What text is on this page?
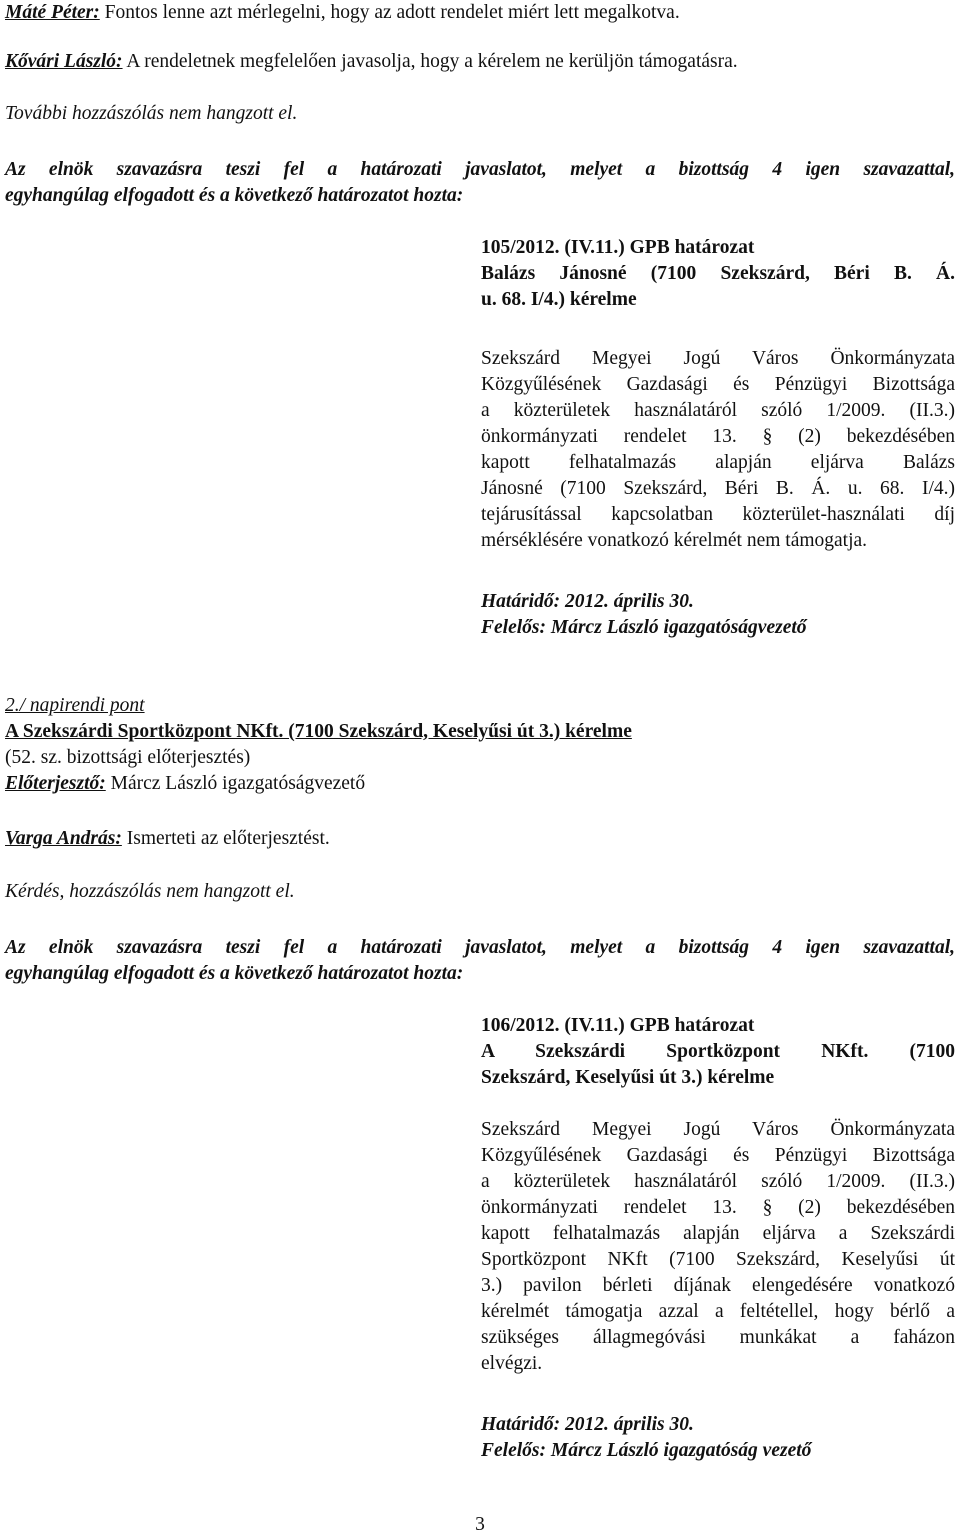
Máté Péter: Fontos lenne azt mérlegelni, hogy az adott rendelet miért lett megalkotva.
Kővári László: A rendeletnek megfelelően javasolja, hogy a kérelem ne kerüljön támogatásra.
További hozzászólás nem hangzott el.
Az elnök szavazásra teszi fel a határozati javaslatot, melyet a bizottság 4 igen szavazattal,
egyhangúlag elfogadott és a következő határozatot hozta:
105/2012. (IV.11.) GPB határozat
Balázs Jánosné (7100 Szekszárd, Béri B. Á.
u. 68. I/4.) kérelme
Szekszárd Megyei Jogú Város Önkormányzata
Közgyűlésének Gazdasági és Pénzügyi Bizottsága
a közterületek használatáról szóló 1/2009. (II.3.)
önkormányzati rendelet 13. § (2) bekezdésében
kapott felhatalmazás alapján eljárva Balázs
Jánosné (7100 Szekszárd, Béri B. Á. u. 68. I/4.)
tejárusítással kapcsolatban közterület-használati díj
mérséklésére vonatkozó kérelmét nem támogatja.
Határidő: 2012. április 30.
Felelős: Márcz László igazgatóságvezető
2./ napirendi pont
A Szekszárdi Sportközpont NKft. (7100 Szekszárd, Keselyűsi út 3.) kérelme
(52. sz. bizottsági előterjesztés)
Előterjesztő: Márcz László igazgatóságvezető
Varga András: Ismerteti az előterjesztést.
Kérdés, hozzászólás nem hangzott el.
Az elnök szavazásra teszi fel a határozati javaslatot, melyet a bizottság 4 igen szavazattal,
egyhangúlag elfogadott és a következő határozatot hozta:
106/2012. (IV.11.) GPB határozat
A Szekszárdi Sportközpont NKft. (7100
Szekszárd, Keselyűsi út 3.) kérelme
Szekszárd Megyei Jogú Város Önkormányzata
Közgyűlésének Gazdasági és Pénzügyi Bizottsága
a közterületek használatáról szóló 1/2009. (II.3.)
önkormányzati rendelet 13. § (2) bekezdésében
kapott felhatalmazás alapján eljárva a Szekszárdi
Sportközpont NKft (7100 Szekszárd, Keselyűsi út
3.) pavilon bérleti díjának elengedésére vonatkozó
kérelmét támogatja azzal a feltétellel, hogy bérlő a
szükséges állagmegóvási munkákat a faházon
elvégzi.
Határidő: 2012. április 30.
Felelős: Márcz László igazgatóság vezető
3
